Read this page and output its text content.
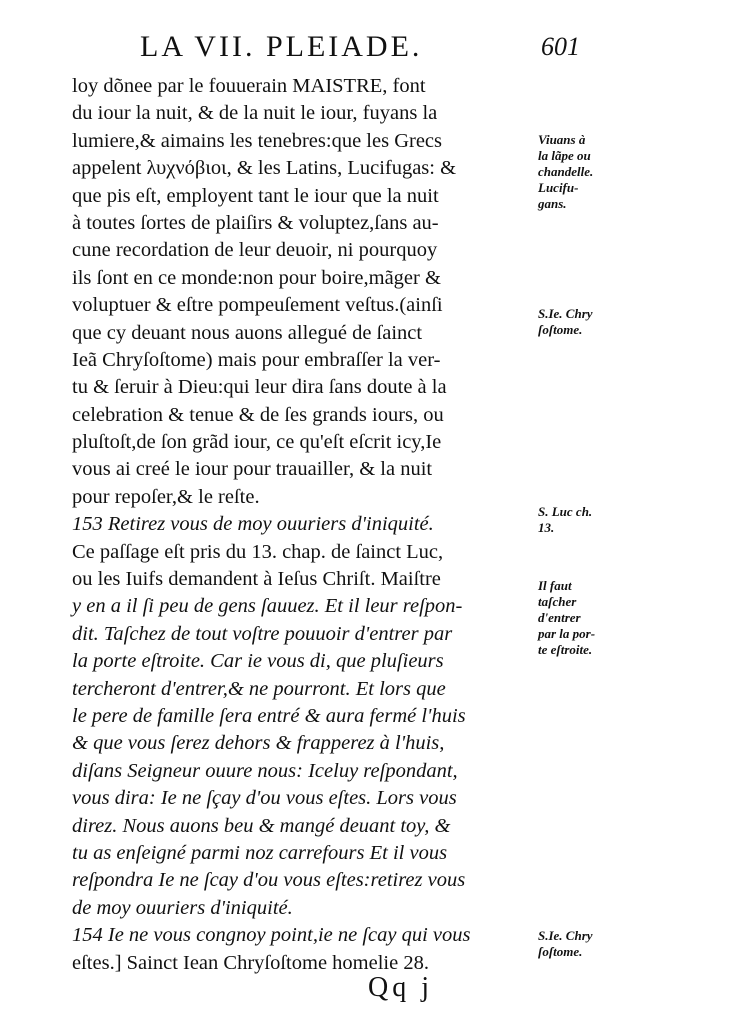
LA VII. PLEIADE.	601
loy dõnee par le fouuerain MAISTRE, font
du iour la nuit, & de la nuit le iour, fuyans la
lumiere,& aimains les tenebres:que les Grecs
appelent λυχνόβιοι, & les Latins, Lucifugas: &
que pis eſt, employent tant le iour que la nuit
à toutes ſortes de plaiſirs & voluptez,ſans au-
cune recordation de leur deuoir, ni pourquoy
ils ſont en ce monde:non pour boire,mãger &
voluptuer & eſtre pompeuſement veſtus.(ainſi
que cy deuant nous auons allegué de ſainct
Ieã Chryſoſtome) mais pour embraſſer la ver-
tu & ſeruir à Dieu:qui leur dira ſans doute à la
celebration & tenue & de ſes grands iours, ou
pluſtoſt,de ſon grãd iour, ce qu'eſt eſcrit icy,Ie
vous ai creé le iour pour trauailler, & la nuit
pour repoſer,& le reſte.
153 Retirez vous de moy ouuriers d'iniquité.
Ce paſſage eſt pris du 13. chap. de ſainct Luc,
ou les Iuifs demandent à Ieſus Chriſt. Maiſtre
y en a il ſi peu de gens ſauuez. Et il leur reſpon-
dit. Taſchez de tout voſtre pouuoir d'entrer par
la porte eſtroite. Car ie vous di, que pluſieurs
tercheront d'entrer,& ne pourront. Et lors que
le pere de famille ſera entré & aura fermé l'huis
& que vous ſerez dehors & frapperez à l'huis,
diſans Seigneur ouure nous: Iceluy reſpondant,
vous dira: Ie ne ſçay d'ou vous eſtes. Lors vous
direz. Nous auons beu & mangé deuant toy, &
tu as enſeigné parmi noz carrefours Et il vous
reſpondra Ie ne ſcay d'ou vous eſtes:retirez vous
de moy ouuriers d'iniquité.
154 Ie ne vous congnoy point,ie ne ſcay qui vous
eſtes.] Sainct Iean Chryſoſtome homelie 28.
Viuans à
la lãpe ou
chandelle.
Lucifu-
gans.
S.Ie. Chry
ſoſtome.
S. Luc ch.
13.
Il faut
taſcher
d'entrer
par la por-
te eſtroite.
S.Ie. Chry
ſoſtome.
Qq j
